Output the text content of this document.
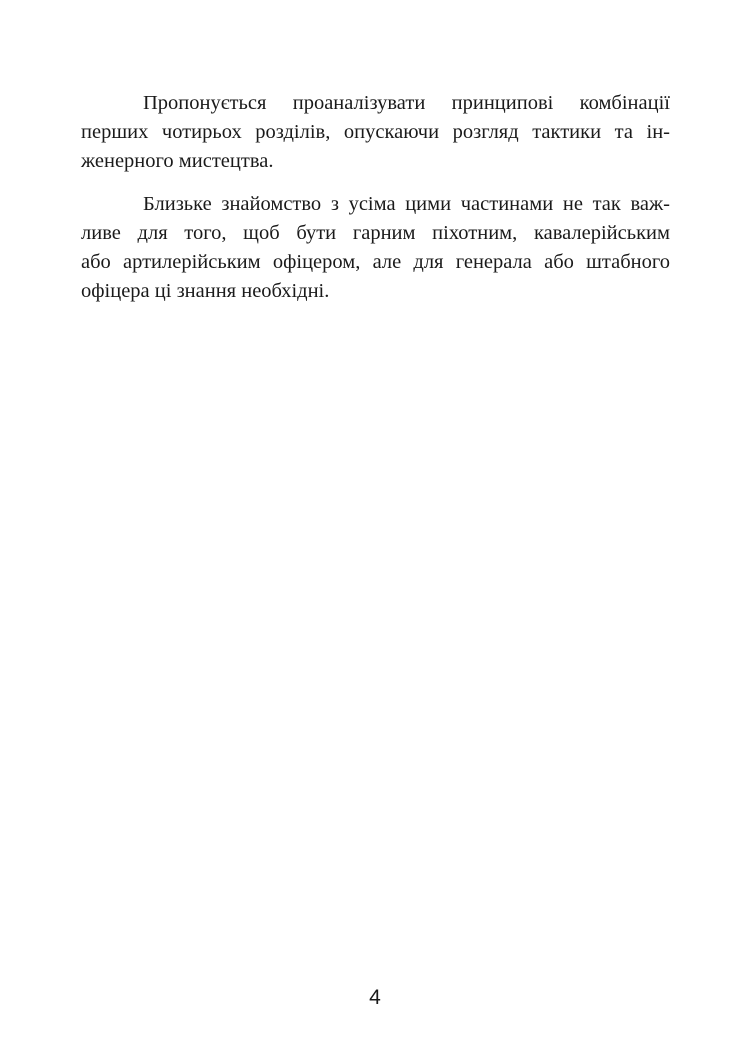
Пропонується проаналізувати принципові комбінації
перших чотирьох розділів, опускаючи розгляд тактики та ін-
женерного мистецтва.

Близьке знайомство з усіма цими частинами не так важ-
ливе для того, щоб бути гарним піхотним, кавалерійським
або артилерійським офіцером, але для генерала або штабного
офіцера ці знання необхідні.

4
